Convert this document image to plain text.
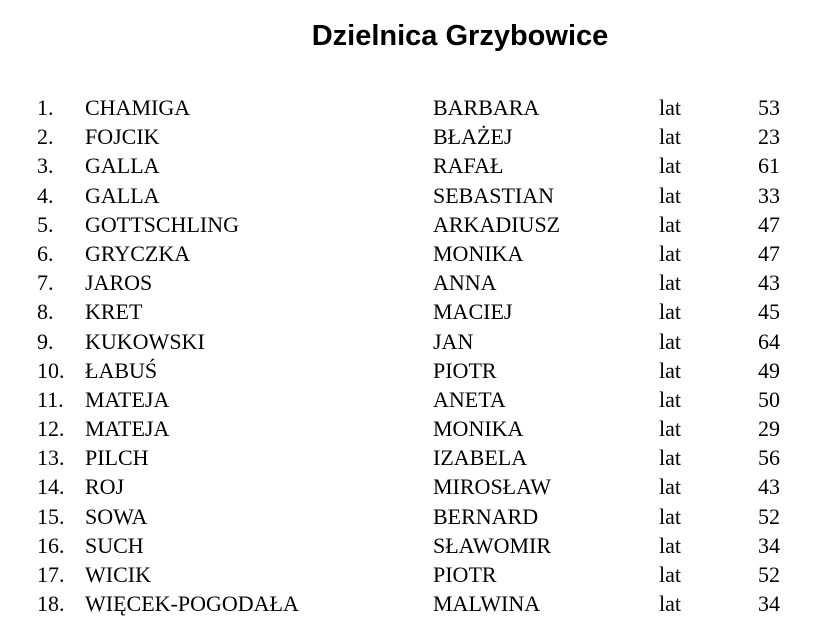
Dzielnica Grzybowice
1. CHAMIGA	BARBARA	lat	53
2. FOJCIK	BŁAŻEJ	lat	23
3. GALLA	RAFAŁ	lat	61
4. GALLA	SEBASTIAN	lat	33
5. GOTTSCHLING	ARKADIUSZ	lat	47
6. GRYCZKA	MONIKA	lat	47
7. JAROS	ANNA	lat	43
8. KRET	MACIEJ	lat	45
9. KUKOWSKI	JAN	lat	64
10. ŁABUŚ	PIOTR	lat	49
11. MATEJA	ANETA	lat	50
12. MATEJA	MONIKA	lat	29
13. PILCH	IZABELA	lat	56
14. ROJ	MIROSŁAW	lat	43
15. SOWA	BERNARD	lat	52
16. SUCH	SŁAWOMIR	lat	34
17. WICIK	PIOTR	lat	52
18. WIĘCEK-POGODAŁA	MALWINA	lat	34
